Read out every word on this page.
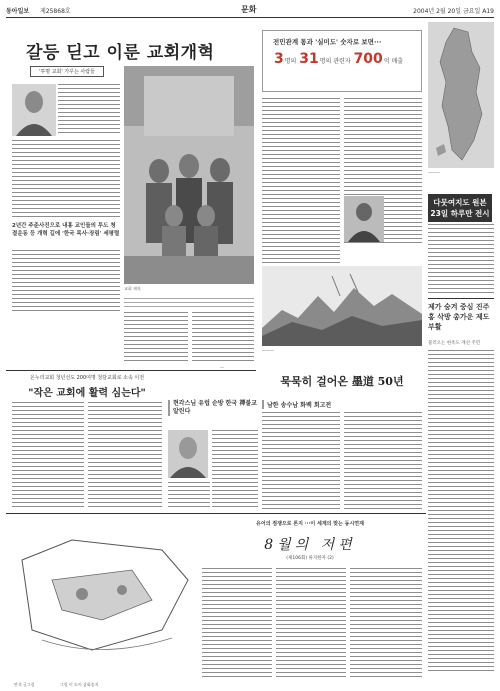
동아일보 제25868호	문화	2004년 2월 20일 금요일 A19
갈등 딛고 이룬 교회개혁
'투명 교회' 가꾸는 사람들
2년간 주준사진으로 내홍 교인들의 투도 청결운동 등 개혁 길에 '한국 목사·장림' 세평렬
교회 제직
—
전민관계 통과 '실미도' 숫자로 보면···
3명의 31명의 관련자 700억 매출
———
다뭇여지도 원본 23일 하루만 전시
제가 숨겨 중심 진주홍 삭방 총가운 제도 부활
불러오는 한옥도 개선 주민
———
묵묵히 걸어온 墨道 50년
온누리교회 청년선도 200여명 청담교회로 소속 이전
"작은 교회에 활력 심는다"
현각스님 유럽 순방 한국 禪불교 알린다
남한 송수남 화백 회고전
유어의 점쟁으로 톤지 ···이 세계의 맞는 동시연재
8월의 저편
(제106회) 류지한자 (2)
만석 글그림	그림 이 도어 삽화송지
